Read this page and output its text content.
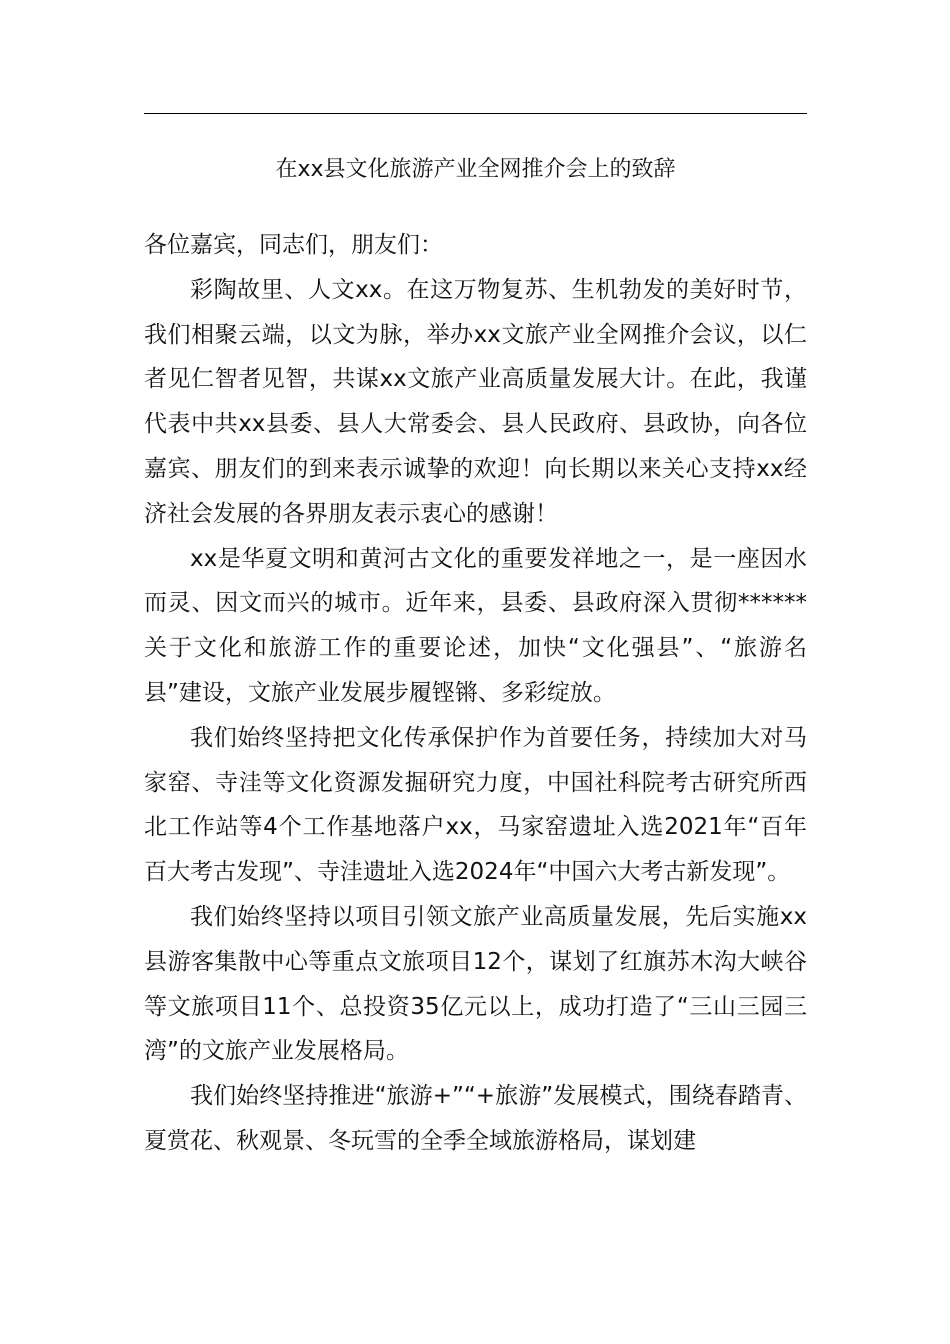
在xx县文化旅游产业全网推介会上的致辞

各位嘉宾，同志们，朋友们：

彩陶故里、人文xx。在这万物复苏、生机勃发的美好时节，我们相聚云端，以文为脉，举办xx文旅产业全网推介会议，以仁者见仁智者见智，共谋xx文旅产业高质量发展大计。在此，我谨代表中共xx县委、县人大常委会、县人民政府、县政协，向各位嘉宾、朋友们的到来表示诚挚的欢迎！向长期以来关心支持xx经济社会发展的各界朋友表示衷心的感谢！

xx是华夏文明和黄河古文化的重要发祥地之一，是一座因水而灵、因文而兴的城市。近年来，县委、县政府深入贯彻******关于文化和旅游工作的重要论述，加快“文化强县”、“旅游名县”建设，文旅产业发展步履铿锵、多彩绽放。

我们始终坚持把文化传承保护作为首要任务，持续加大对马家窑、寺洼等文化资源发掘研究力度，中国社科院考古研究所西北工作站等4个工作基地落户xx，马家窑遗址入选2021年“百年百大考古发现”、寺洼遗址入选2024年“中国六大考古新发现”。

我们始终坚持以项目引领文旅产业高质量发展，先后实施xx县游客集散中心等重点文旅项目12个，谋划了红旗苏木沟大峡谷等文旅项目11个、总投资35亿元以上，成功打造了“三山三园三湾”的文旅产业发展格局。

我们始终坚持推进“旅游+”“+旅游”发展模式，围绕春踏青、夏赏花、秋观景、冬玩雪的全季全域旅游格局，谋划建
